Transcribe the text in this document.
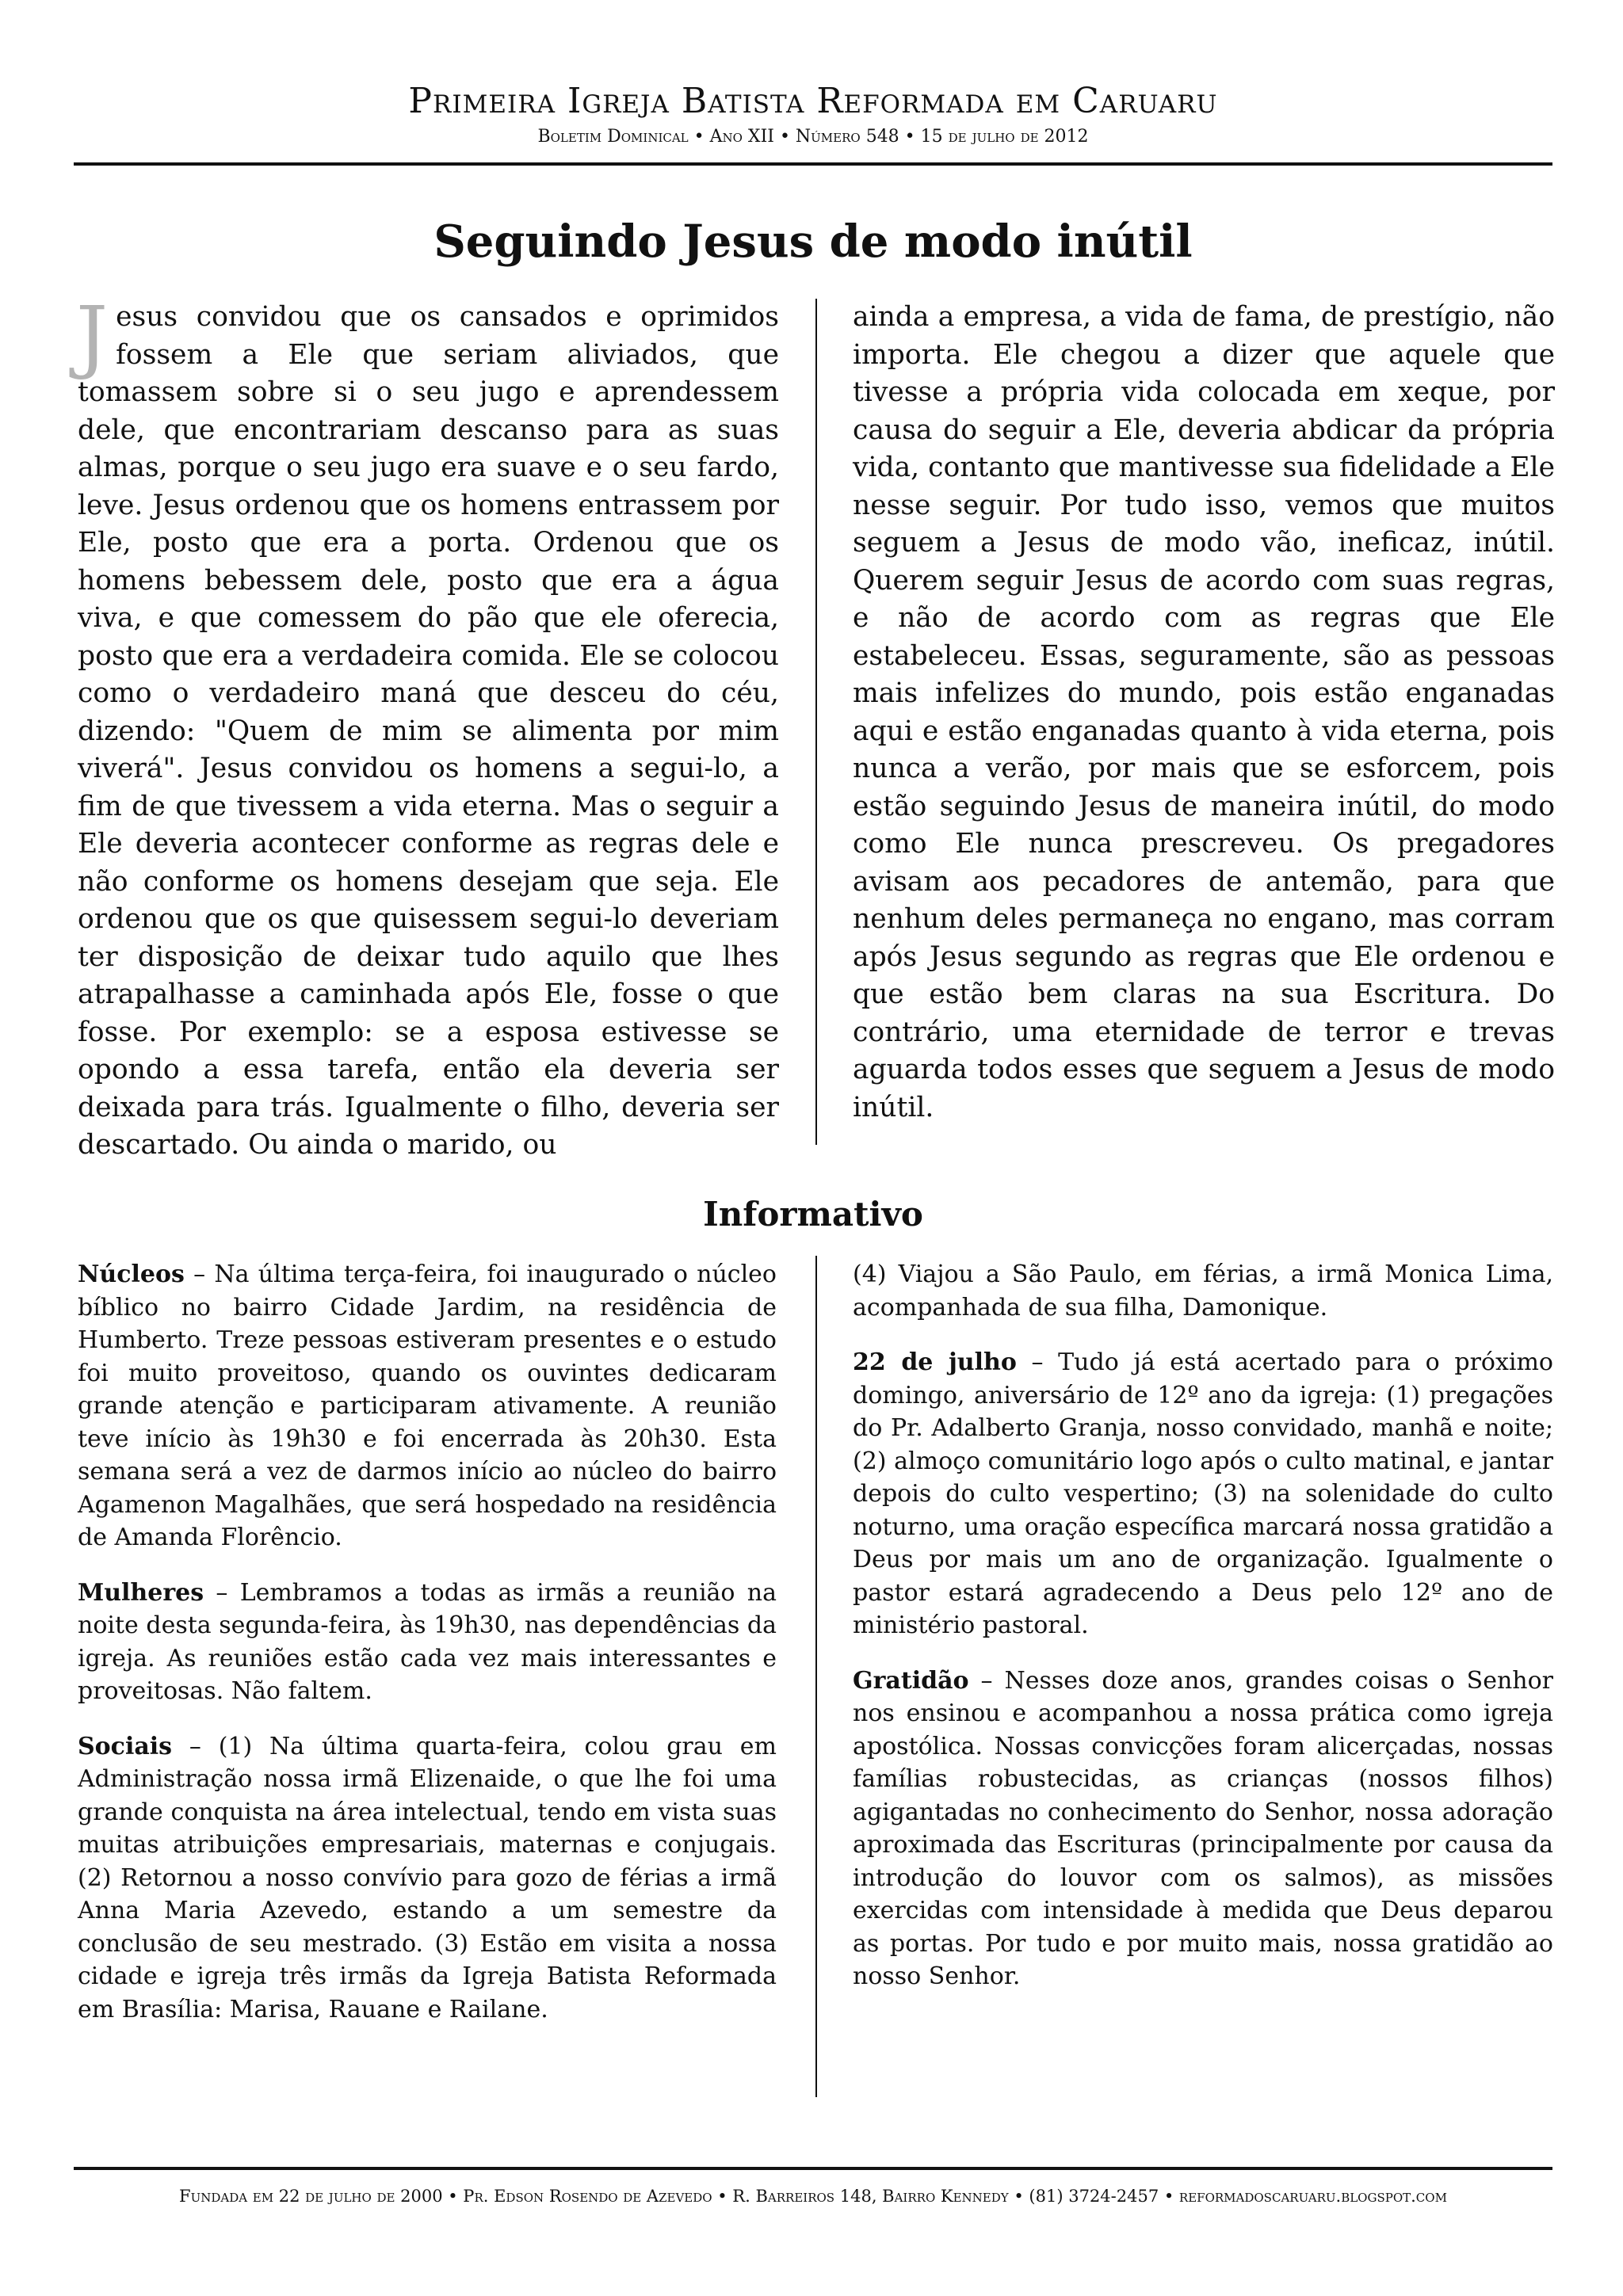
Primeira Igreja Batista Reformada em Caruaru
Boletim Dominical • Ano XII • Número 548 • 15 de julho de 2012
Seguindo Jesus de modo inútil
Jesus convidou que os cansados e oprimidos fossem a Ele que seriam aliviados, que tomassem sobre si o seu jugo e aprendessem dele, que encontrariam descanso para as suas almas, porque o seu jugo era suave e o seu fardo, leve. Jesus ordenou que os homens entrassem por Ele, posto que era a porta. Ordenou que os homens bebessem dele, posto que era a água viva, e que comessem do pão que ele oferecia, posto que era a verdadeira comida. Ele se colocou como o verdadeiro maná que desceu do céu, dizendo: "Quem de mim se alimenta por mim viverá". Jesus convidou os homens a segui-lo, a fim de que tivessem a vida eterna. Mas o seguir a Ele deveria acontecer conforme as regras dele e não conforme os homens desejam que seja. Ele ordenou que os que quisessem segui-lo deveriam ter disposição de deixar tudo aquilo que lhes atrapalhasse a caminhada após Ele, fosse o que fosse. Por exemplo: se a esposa estivesse se opondo a essa tarefa, então ela deveria ser deixada para trás. Igualmente o filho, deveria ser descartado. Ou ainda o marido, ou
ainda a empresa, a vida de fama, de prestígio, não importa. Ele chegou a dizer que aquele que tivesse a própria vida colocada em xeque, por causa do seguir a Ele, deveria abdicar da própria vida, contanto que mantivesse sua fidelidade a Ele nesse seguir. Por tudo isso, vemos que muitos seguem a Jesus de modo vão, ineficaz, inútil. Querem seguir Jesus de acordo com suas regras, e não de acordo com as regras que Ele estabeleceu. Essas, seguramente, são as pessoas mais infelizes do mundo, pois estão enganadas aqui e estão enganadas quanto à vida eterna, pois nunca a verão, por mais que se esforcem, pois estão seguindo Jesus de maneira inútil, do modo como Ele nunca prescreveu. Os pregadores avisam aos pecadores de antemão, para que nenhum deles permaneça no engano, mas corram após Jesus segundo as regras que Ele ordenou e que estão bem claras na sua Escritura. Do contrário, uma eternidade de terror e trevas aguarda todos esses que seguem a Jesus de modo inútil.
Informativo

Núcleos – Na última terça-feira, foi inaugurado o núcleo bíblico no bairro Cidade Jardim, na residência de Humberto. Treze pessoas estiveram presentes e o estudo foi muito proveitoso, quando os ouvintes dedicaram grande atenção e participaram ativamente. A reunião teve início às 19h30 e foi encerrada às 20h30. Esta semana será a vez de darmos início ao núcleo do bairro Agamenon Magalhães, que será hospedado na residência de Amanda Florêncio.

Mulheres – Lembramos a todas as irmãs a reunião na noite desta segunda-feira, às 19h30, nas dependências da igreja. As reuniões estão cada vez mais interessantes e proveitosas. Não faltem.

Sociais – (1) Na última quarta-feira, colou grau em Administração nossa irmã Elizenaide, o que lhe foi uma grande conquista na área intelectual, tendo em vista suas muitas atribuições empresariais, maternas e conjugais. (2) Retornou a nosso convívio para gozo de férias a irmã Anna Maria Azevedo, estando a um semestre da conclusão de seu mestrado. (3) Estão em visita a nossa cidade e igreja três irmãs da Igreja Batista Reformada em Brasília: Marisa, Rauane e Railane.

(4) Viajou a São Paulo, em férias, a irmã Monica Lima, acompanhada de sua filha, Damonique.

22 de julho – Tudo já está acertado para o próximo domingo, aniversário de 12º ano da igreja: (1) pregações do Pr. Adalberto Granja, nosso convidado, manhã e noite; (2) almoço comunitário logo após o culto matinal, e jantar depois do culto vespertino; (3) na solenidade do culto noturno, uma oração específica marcará nossa gratidão a Deus por mais um ano de organização. Igualmente o pastor estará agradecendo a Deus pelo 12º ano de ministério pastoral.

Gratidão – Nesses doze anos, grandes coisas o Senhor nos ensinou e acompanhou a nossa prática como igreja apostólica. Nossas convicções foram alicerçadas, nossas famílias robustecidas, as crianças (nossos filhos) agigantadas no conhecimento do Senhor, nossa adoração aproximada das Escrituras (principalmente por causa da introdução do louvor com os salmos), as missões exercidas com intensidade à medida que Deus deparou as portas. Por tudo e por muito mais, nossa gratidão ao nosso Senhor.

Fundada em 22 de julho de 2000 • Pr. Edson Rosendo de Azevedo • R. Barreiros 148, Bairro Kennedy • (81) 3724-2457 • reformadoscaruaru.blogspot.com
